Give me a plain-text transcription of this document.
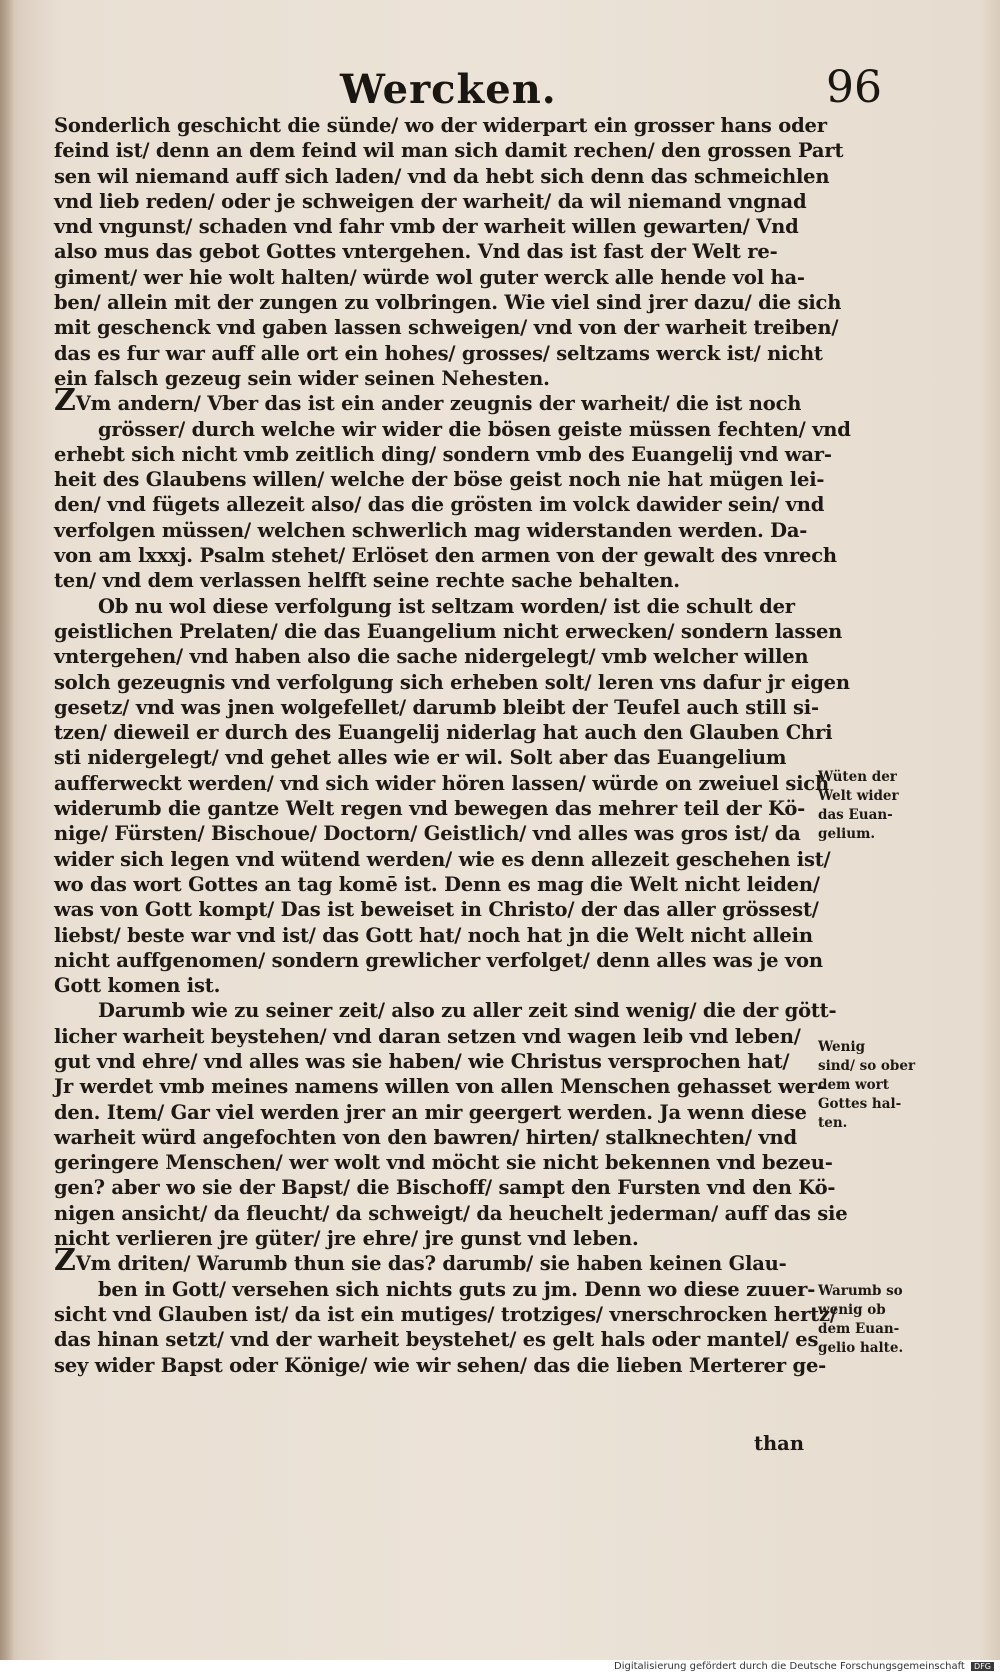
Wercken.	96
Sonderlich geschicht die sünde/ wo der widerpart ein grosser hans oder
feind ist/ denn an dem feind wil man sich damit rechen/ den grossen Part
sen wil niemand auff sich laden/ vnd da hebt sich denn das schmeichlen
vnd lieb reden/ oder je schweigen der warheit/ da wil niemand vngnad
vnd vngunst/ schaden vnd fahr vmb der warheit willen gewarten/ Vnd
also mus das gebot Gottes vntergehen. Vnd das ist fast der Welt re-
giment/ wer hie wolt halten/ würde wol guter werck alle hende vol ha-
ben/ allein mit der zungen zu volbringen. Wie viel sind jrer dazu/ die sich
mit geschenck vnd gaben lassen schweigen/ vnd von der warheit treiben/
das es fur war auff alle ort ein hohes/ grosses/ seltzams werck ist/ nicht
ein falsch gezeug sein wider seinen Nehesten.
ZVm andern/ Vber das ist ein ander zeugnis der warheit/ die ist noch
grösser/ durch welche wir wider die bösen geiste müssen fechten/ vnd
erhebt sich nicht vmb zeitlich ding/ sondern vmb des Euangelij vnd war-
heit des Glaubens willen/ welche der böse geist noch nie hat mügen lei-
den/ vnd fügets allezeit also/ das die grösten im volck dawider sein/ vnd
verfolgen müssen/ welchen schwerlich mag widerstanden werden. Da-
von am lxxxj. Psalm stehet/ Erlöset den armen von der gewalt des vnrech
ten/ vnd dem verlassen helfft seine rechte sache behalten.
Ob nu wol diese verfolgung ist seltzam worden/ ist die schult der
geistlichen Prelaten/ die das Euangelium nicht erwecken/ sondern lassen
vntergehen/ vnd haben also die sache nidergelegt/ vmb welcher willen
solch gezeugnis vnd verfolgung sich erheben solt/ leren vns dafur jr eigen
gesetz/ vnd was jnen wolgefellet/ darumb bleibt der Teufel auch still si-
tzen/ dieweil er durch des Euangelij niderlag hat auch den Glauben Chri
sti nidergelegt/ vnd gehet alles wie er wil. Solt aber das Euangelium
aufferweckt werden/ vnd sich wider hören lassen/ würde on zweiuel sich
widerumb die gantze Welt regen vnd bewegen das mehrer teil der Kö-
nige/ Fürsten/ Bischoue/ Doctorn/ Geistlich/ vnd alles was gros ist/ da
wider sich legen vnd wütend werden/ wie es denn allezeit geschehen ist/
wo das wort Gottes an tag komē ist. Denn es mag die Welt nicht leiden/
was von Gott kompt/ Das ist beweiset in Christo/ der das aller grössest/
liebst/ beste war vnd ist/ das Gott hat/ noch hat jn die Welt nicht allein
nicht auffgenomen/ sondern grewlicher verfolget/ denn alles was je von
Gott komen ist.
Darumb wie zu seiner zeit/ also zu aller zeit sind wenig/ die der gött-
licher warheit beystehen/ vnd daran setzen vnd wagen leib vnd leben/
gut vnd ehre/ vnd alles was sie haben/ wie Christus versprochen hat/
Jr werdet vmb meines namens willen von allen Menschen gehasset wer-
den. Item/ Gar viel werden jrer an mir geergert werden. Ja wenn diese
warheit würd angefochten von den bawren/ hirten/ stalknechten/ vnd
geringere Menschen/ wer wolt vnd möcht sie nicht bekennen vnd bezeu-
gen? aber wo sie der Bapst/ die Bischoff/ sampt den Fursten vnd den Kö-
nigen ansicht/ da fleucht/ da schweigt/ da heuchelt jederman/ auff das sie
nicht verlieren jre güter/ jre ehre/ jre gunst vnd leben.
ZVm driten/ Warumb thun sie das? darumb/ sie haben keinen Glau-
ben in Gott/ versehen sich nichts guts zu jm. Denn wo diese zuuer-
sicht vnd Glauben ist/ da ist ein mutiges/ trotziges/ vnerschrocken hertz/
das hinan setzt/ vnd der warheit beystehet/ es gelt hals oder mantel/ es
sey wider Bapst oder Könige/ wie wir sehen/ das die lieben Merterer ge-
than
Wüten der
Welt wider
das Euan-
gelium.
Wenig
sind/ so ober
dem wort
Gottes hal-
ten.
Warumb so
wenig ob
dem Euan-
gelio halte.
Digitalisierung gefördert durch die Deutsche Forschungsgemeinschaft DFG
